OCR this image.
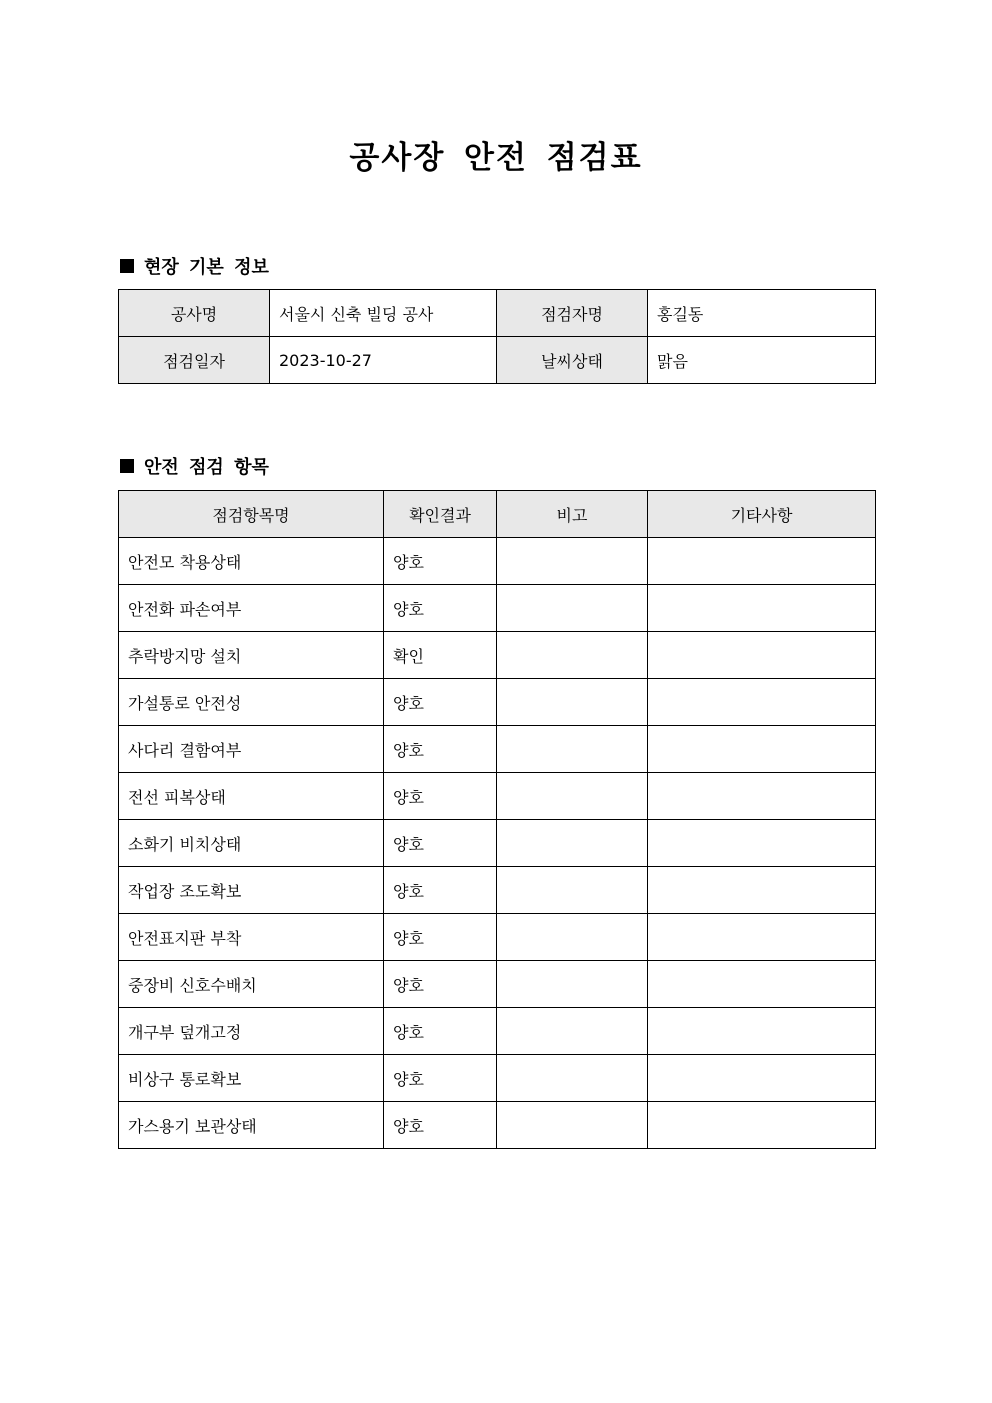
공사장 안전 점검표
현장 기본 정보
공사명	서울시 신축 빌딩 공사	점검자명	홍길동
점검일자	2023-10-27	날씨상태	맑음
안전 점검 항목
점검항목명	확인결과	비고	기타사항
안전모 착용상태	양호		
안전화 파손여부	양호		
추락방지망 설치	확인		
가설통로 안전성	양호		
사다리 결함여부	양호		
전선 피복상태	양호		
소화기 비치상태	양호		
작업장 조도확보	양호		
안전표지판 부착	양호		
중장비 신호수배치	양호		
개구부 덮개고정	양호		
비상구 통로확보	양호		
가스용기 보관상태	양호		
